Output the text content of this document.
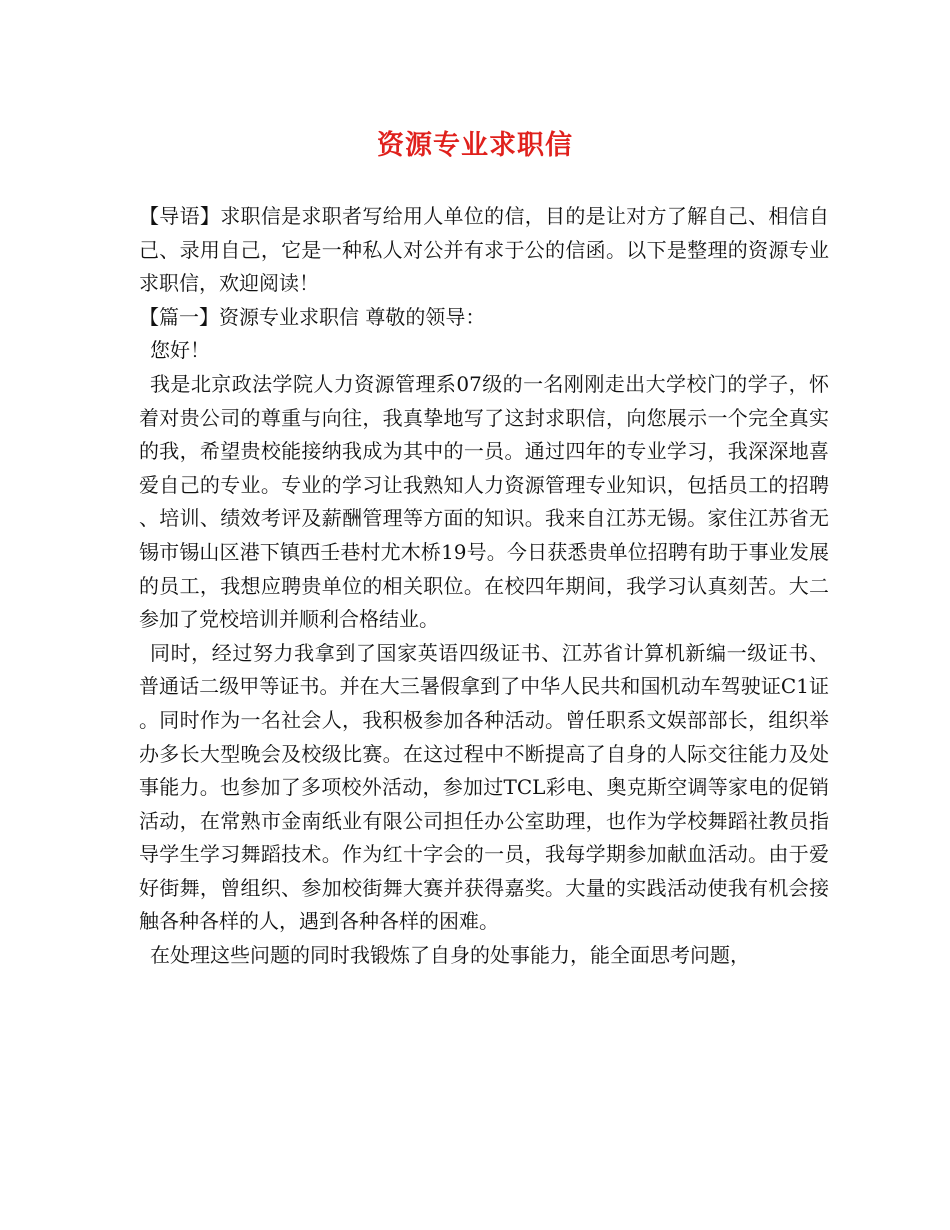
资源专业求职信

【导语】求职信是求职者写给用人单位的信，目的是让对方了解自己、相信自己、录用自己，它是一种私人对公并有求于公的信函。以下是整理的资源专业求职信，欢迎阅读！

【篇一】资源专业求职信 尊敬的领导：

您好！

我是北京政法学院人力资源管理系07级的一名刚刚走出大学校门的学子，怀着对贵公司的尊重与向往，我真挚地写了这封求职信，向您展示一个完全真实的我，希望贵校能接纳我成为其中的一员。通过四年的专业学习，我深深地喜爱自己的专业。专业的学习让我熟知人力资源管理专业知识，包括员工的招聘、培训、绩效考评及薪酬管理等方面的知识。我来自江苏无锡。家住江苏省无锡市锡山区港下镇西壬巷村尤木桥19号。今日获悉贵单位招聘有助于事业发展的员工，我想应聘贵单位的相关职位。在校四年期间，我学习认真刻苦。大二参加了党校培训并顺利合格结业。

同时，经过努力我拿到了国家英语四级证书、江苏省计算机新编一级证书、普通话二级甲等证书。并在大三暑假拿到了中华人民共和国机动车驾驶证C1证。同时作为一名社会人，我积极参加各种活动。曾任职系文娱部部长，组织举办多长大型晚会及校级比赛。在这过程中不断提高了自身的人际交往能力及处事能力。也参加了多项校外活动，参加过TCL彩电、奥克斯空调等家电的促销活动，在常熟市金南纸业有限公司担任办公室助理，也作为学校舞蹈社教员指导学生学习舞蹈技术。作为红十字会的一员，我每学期参加献血活动。由于爱好街舞，曾组织、参加校街舞大赛并获得嘉奖。大量的实践活动使我有机会接触各种各样的人，遇到各种各样的困难。

在处理这些问题的同时我锻炼了自身的处事能力，能全面思考问题，
